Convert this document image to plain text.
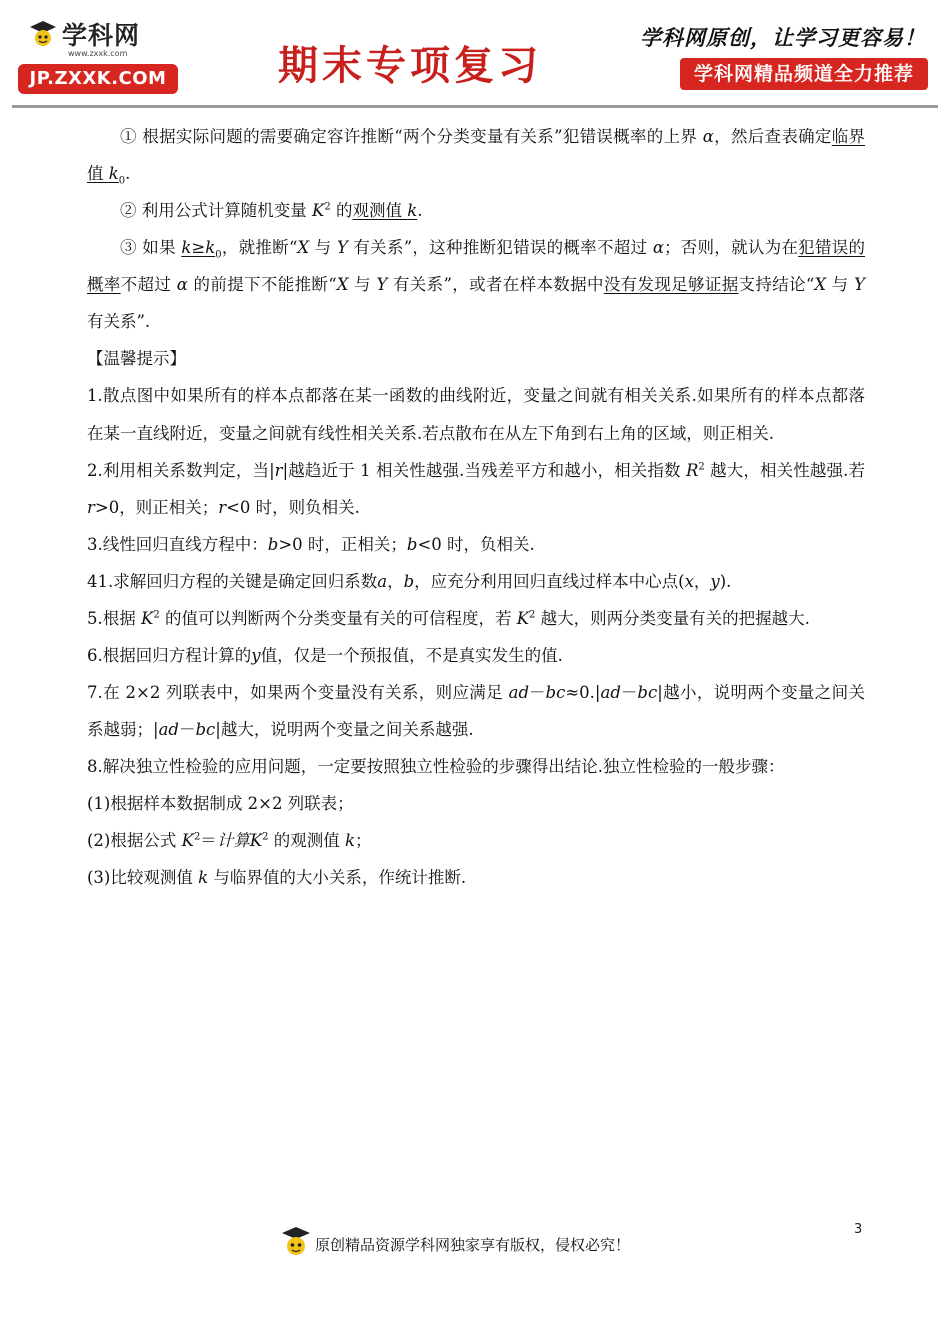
学科网
www.zxxk.com
JP.ZXXK.COM	期末专项复习
学科网原创，让学习更容易！
学科网精品频道全力推荐

① 根据实际问题的需要确定容许推断“两个分类变量有关系”犯错误概率的上界 α，然后查表确定临界值 $k_0$.

② 利用公式计算随机变量 $K^2$ 的观测值 k.

③ 如果 $k\ge k_0$，就推断“X 与 Y 有关系”，这种推断犯错误的概率不超过 α；否则，就认为在犯错误的概率不超过 α 的前提下不能推断“X 与 Y 有关系”，或者在样本数据中没有发现足够证据支持结论“X 与 Y 有关系”.

【温馨提示】

1.散点图中如果所有的样本点都落在某一函数的曲线附近，变量之间就有相关关系.如果所有的样本点都落在某一直线附近，变量之间就有线性相关关系.若点散布在从左下角到右上角的区域，则正相关.

2.利用相关系数判定，当|r|越趋近于 1 相关性越强.当残差平方和越小，相关指数 $R^2$ 越大，相关性越强.若 r>0，则正相关；r<0 时，则负相关.

3.线性回归直线方程中：b>0 时，正相关；b<0 时，负相关.

41.求解回归方程的关键是确定回归系数a，b，应充分利用回归直线过样本中心点(x，y).

5.根据 $K^2$ 的值可以判断两个分类变量有关的可信程度，若 $K^2$ 越大，则两分类变量有关的把握越大.

6.根据回归方程计算的y值，仅是一个预报值，不是真实发生的值.

7.在 2×2 列联表中，如果两个变量没有关系，则应满足 ad－bc≈0.|ad－bc|越小，说明两个变量之间关系越弱；|ad－bc|越大，说明两个变量之间关系越强.

8.解决独立性检验的应用问题，一定要按照独立性检验的步骤得出结论.独立性检验的一般步骤：

(1)根据样本数据制成 2×2 列联表；

(2)根据公式 $K^2=$计算$K^2$ 的观测值 k；

(3)比较观测值 k 与临界值的大小关系，作统计推断.

3
原创精品资源学科网独家享有版权，侵权必究！
